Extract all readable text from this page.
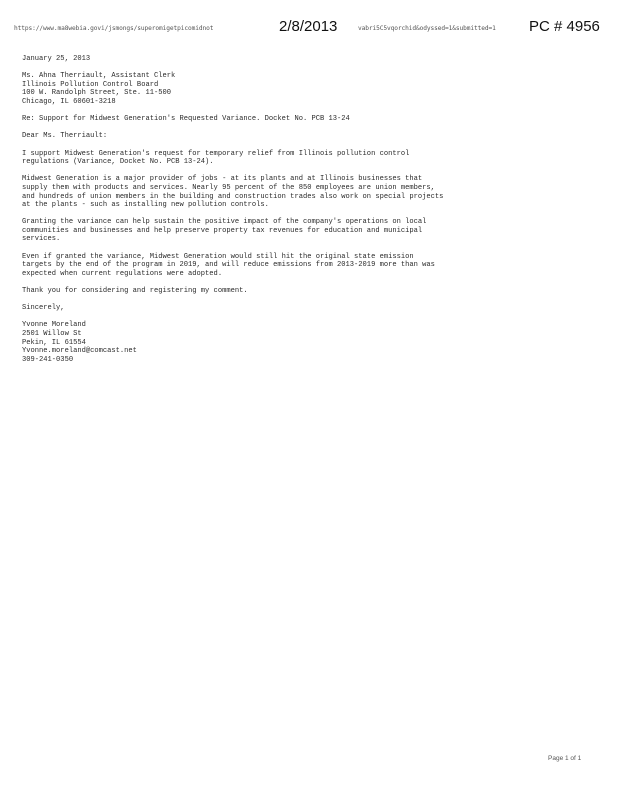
https://www.ma8webia.govi/jsmongs/superomigetpicomidnot	2/8/2013	vabri5C5vqorchid&odyssed=1&submitted=1 PC # 4956
January 25, 2013
Ms. Ahna Therriault, Assistant Clerk
Illinois Pollution Control Board
100 W. Randolph Street, Ste. 11-500
Chicago, IL 60601-3218
Re: Support for Midwest Generation's Requested Variance. Docket No. PCB 13-24
Dear Ms. Therriault:
I support Midwest Generation's request for temporary relief from Illinois pollution control
regulations (Variance, Docket No. PCB 13-24).
Midwest Generation is a major provider of jobs - at its plants and at Illinois businesses that
supply them with products and services. Nearly 95 percent of the 850 employees are union members,
and hundreds of union members in the building and construction trades also work on special projects
at the plants - such as installing new pollution controls.
Granting the variance can help sustain the positive impact of the company's operations on local
communities and businesses and help preserve property tax revenues for education and municipal
services.
Even if granted the variance, Midwest Generation would still hit the original state emission
targets by the end of the program in 2019, and will reduce emissions from 2013-2019 more than was
expected when current regulations were adopted.
Thank you for considering and registering my comment.
Sincerely,
Yvonne Moreland
2501 Willow St
Pekin, IL 61554
Yvonne.moreland@comcast.net
309-241-0350
Page 1 of 1
